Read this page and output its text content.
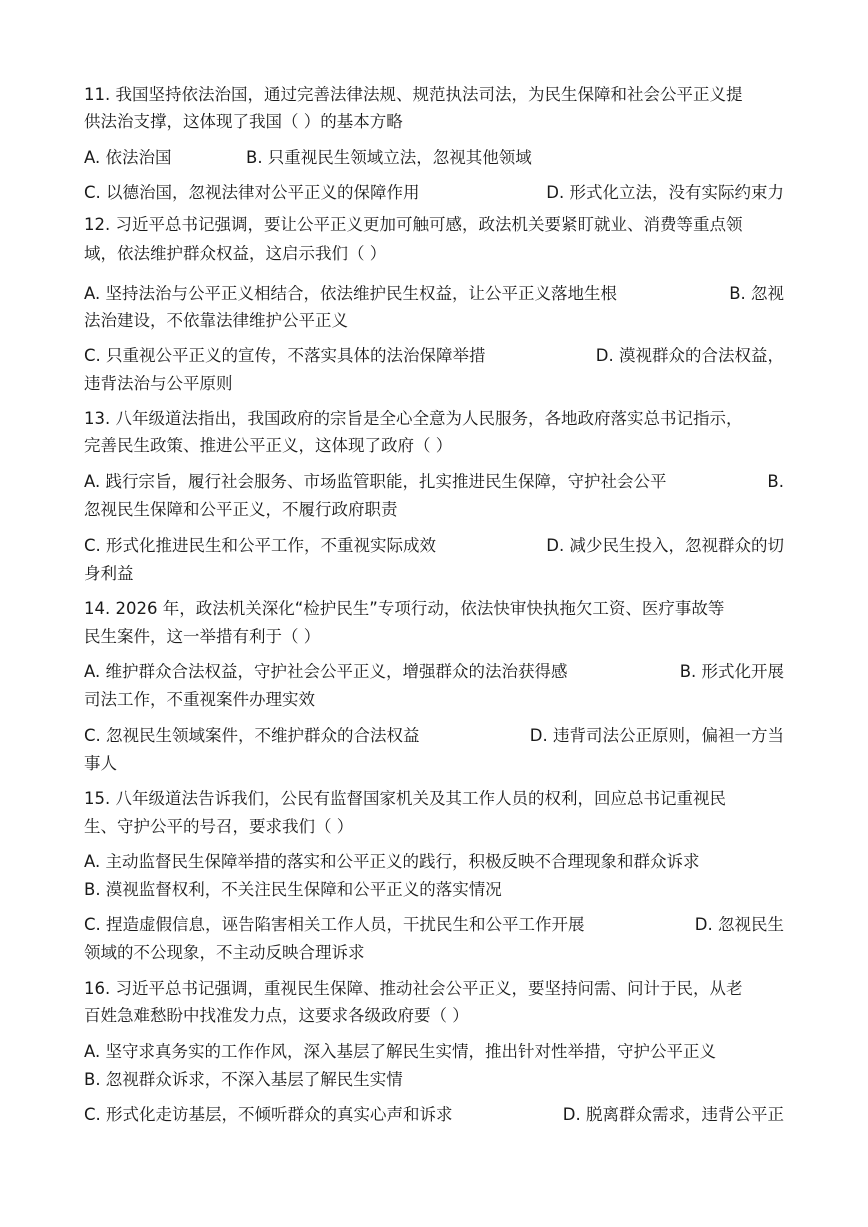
11. 我国坚持依法治国，通过完善法律法规、规范执法司法，为民生保障和社会公平正义提
供法治支撑，这体现了我国（ ）的基本方略
A. 依法治国	B. 只重视民生领域立法，忽视其他领域
C. 以德治国，忽视法律对公平正义的保障作用	D. 形式化立法，没有实际约束力
12. 习近平总书记强调，要让公平正义更加可触可感，政法机关要紧盯就业、消费等重点领
域，依法维护群众权益，这启示我们（ ）
A. 坚持法治与公平正义相结合，依法维护民生权益，让公平正义落地生根	B. 忽视
法治建设，不依靠法律维护公平正义
C. 只重视公平正义的宣传，不落实具体的法治保障举措	D. 漠视群众的合法权益，
违背法治与公平原则
13. 八年级道法指出，我国政府的宗旨是全心全意为人民服务，各地政府落实总书记指示，
完善民生政策、推进公平正义，这体现了政府（ ）
A. 践行宗旨，履行社会服务、市场监管职能，扎实推进民生保障，守护社会公平	B.
忽视民生保障和公平正义，不履行政府职责
C. 形式化推进民生和公平工作，不重视实际成效	D. 减少民生投入，忽视群众的切
身利益
14. 2026 年，政法机关深化“检护民生”专项行动，依法快审快执拖欠工资、医疗事故等
民生案件，这一举措有利于（ ）
A. 维护群众合法权益，守护社会公平正义，增强群众的法治获得感	B. 形式化开展
司法工作，不重视案件办理实效
C. 忽视民生领域案件，不维护群众的合法权益	D. 违背司法公正原则，偏袒一方当
事人
15. 八年级道法告诉我们，公民有监督国家机关及其工作人员的权利，回应总书记重视民
生、守护公平的号召，要求我们（ ）
A. 主动监督民生保障举措的落实和公平正义的践行，积极反映不合理现象和群众诉求
B. 漠视监督权利，不关注民生保障和公平正义的落实情况
C. 捏造虚假信息，诬告陷害相关工作人员，干扰民生和公平工作开展	D. 忽视民生
领域的不公现象，不主动反映合理诉求
16. 习近平总书记强调，重视民生保障、推动社会公平正义，要坚持问需、问计于民，从老
百姓急难愁盼中找准发力点，这要求各级政府要（ ）
A. 坚守求真务实的工作作风，深入基层了解民生实情，推出针对性举措，守护公平正义
B. 忽视群众诉求，不深入基层了解民生实情
C. 形式化走访基层，不倾听群众的真实心声和诉求	D. 脱离群众需求，违背公平正
